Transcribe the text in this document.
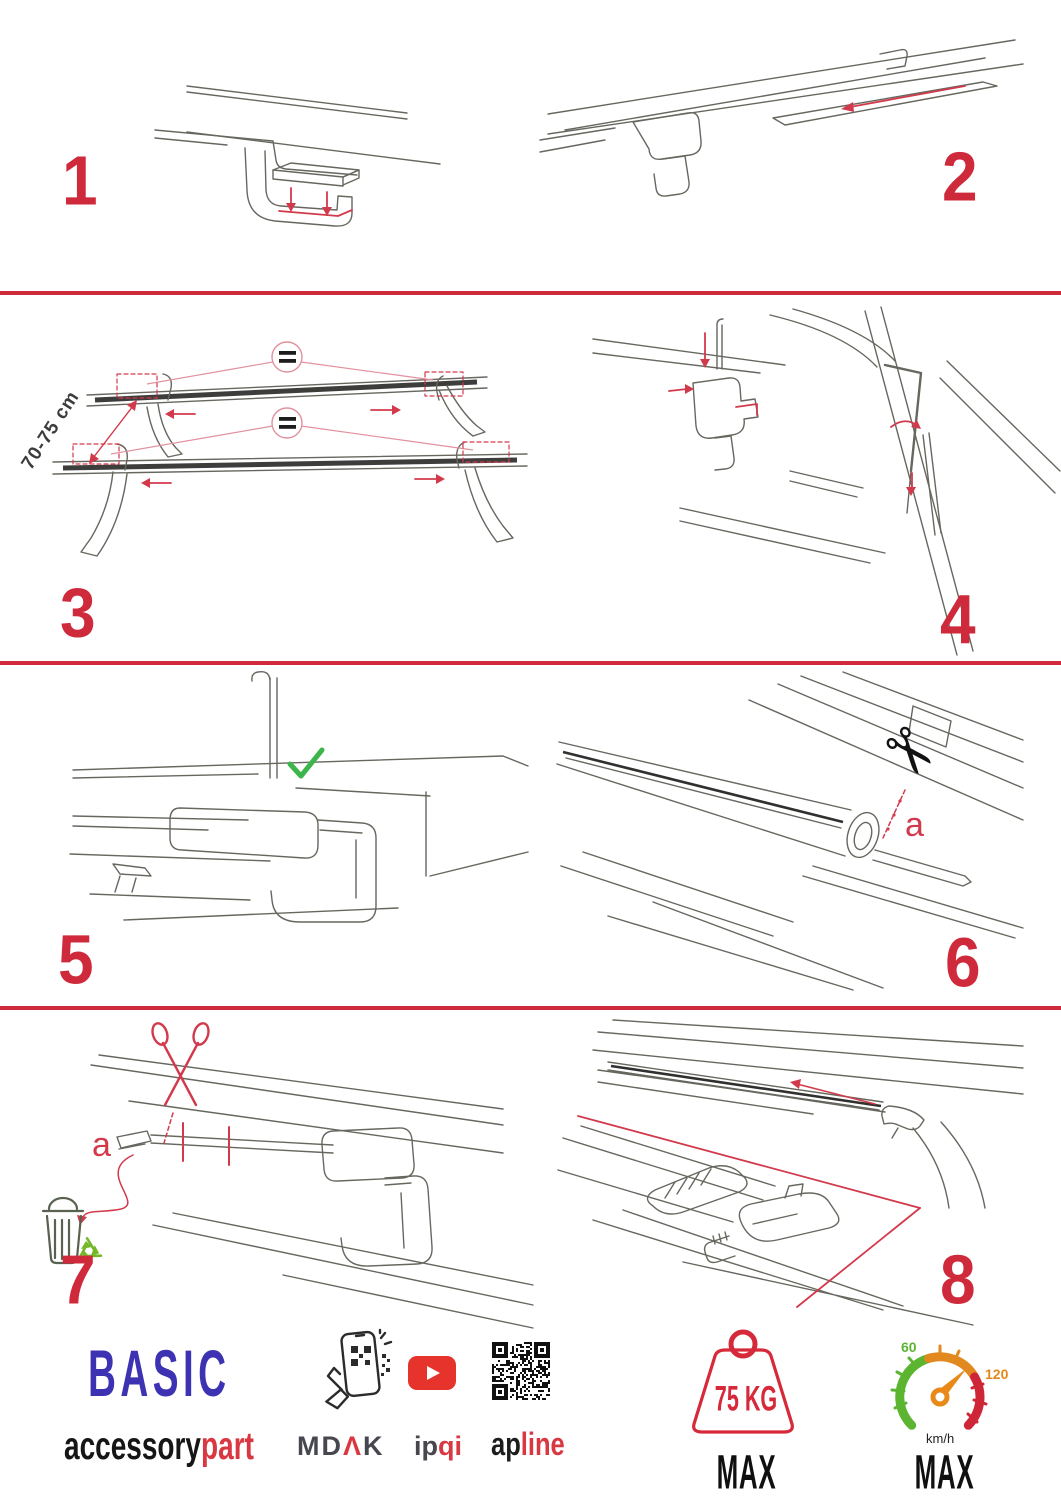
1	2
70-75 cm
3	4
✂
a
5	6
a
7	8
BASIC
accessorypart MDΛK ipqi apline
75 KG
MAX
60
120
km/h
MAX
